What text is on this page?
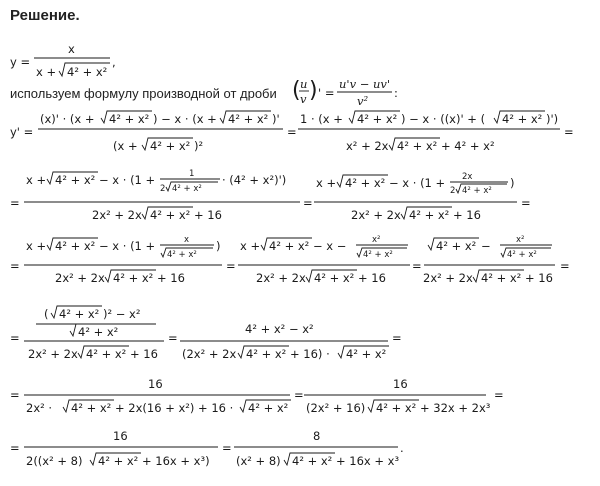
Решение.
используем формулу производной от дроби
y =
x
x + 4² + x²
,
( u
v ) ' =
u'v − uv'
v²
:
y' =
(x)' · (x + 4² + x² ) − x · (x + 4² + x² )'
(x + 4² + x² )²
=
1 · (x + 4² + x² ) − x · ((x)' + ( 4² + x² )')
x² + 2x 4² + x² + 4² + x²
=
=
x + 4² + x² − x · (1 +	1
2 4² + x²
· (4² + x²)')
2x² + 2x 4² + x² + 16
=
x + 4² + x² − x · (1 + 2x
2 4² + x²
)
2x² + 2x 4² + x² + 16
=
=
x + 4² + x² − x · (1 +	x
4² + x²
)
2x² + 2x 4² + x² + 16
=
x + 4² + x² − x −	x²
4² + x²
2x² + 2x 4² + x² + 16
=
4² + x² −	x²
4² + x²
2x² + 2x 4² + x² + 16
=
=
( 4² + x² )² − x²
4² + x²
2x² + 2x 4² + x² + 16
=
4² + x² − x²
(2x² + 2x 4² + x² + 16) · 4² + x²
=
=
16
2x² · 4² + x² + 2x(16 + x²) + 16 · 4² + x²
=
16
(2x² + 16) 4² + x² + 32x + 2x³
=
=
16
2((x² + 8) 4² + x² + 16x + x³)
=
8
(x² + 8) 4² + x² + 16x + x³
.
